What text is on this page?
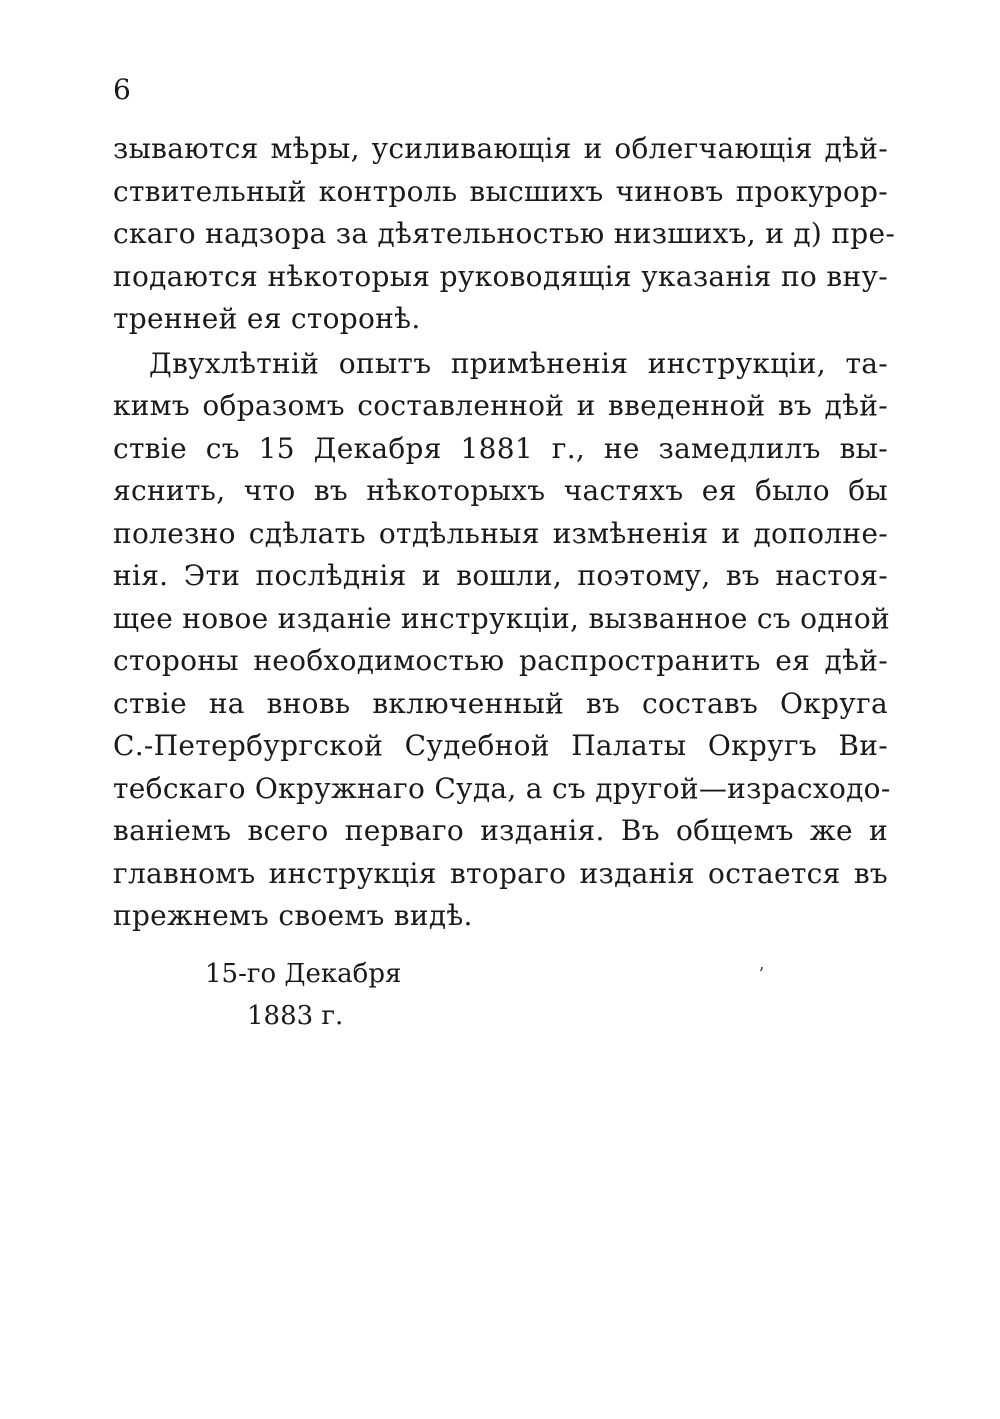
6
зываются мѣры, усиливающія и облегчающія дѣй-
ствительный контроль высшихъ чиновъ прокурор-
скаго надзора за дѣятельностью низшихъ, и д) пре-
подаются нѣкоторыя руководящія указанія по вну-
тренней ея сторонѣ.
Двухлѣтній опытъ примѣненія инструкціи, та-
кимъ образомъ составленной и введенной въ дѣй-
ствіе съ 15 Декабря 1881 г., не замедлилъ вы-
яснить, что въ нѣкоторыхъ частяхъ ея было бы
полезно сдѣлать отдѣльныя измѣненія и дополне-
нія. Эти послѣднія и вошли, поэтому, въ настоя-
щее новое изданіе инструкціи, вызванное съ одной
стороны необходимостью распространить ея дѣй-
ствіе на вновь включенный въ составъ Округа
С.-Петербургской Судебной Палаты Округъ Ви-
тебскаго Окружнаго Суда, а съ другой—израсходо-
ваніемъ всего перваго изданія. Въ общемъ же и
главномъ инструкція втораго изданія остается въ
прежнемъ своемъ видѣ.
15-го Декабря
1883 г.
ʼ
